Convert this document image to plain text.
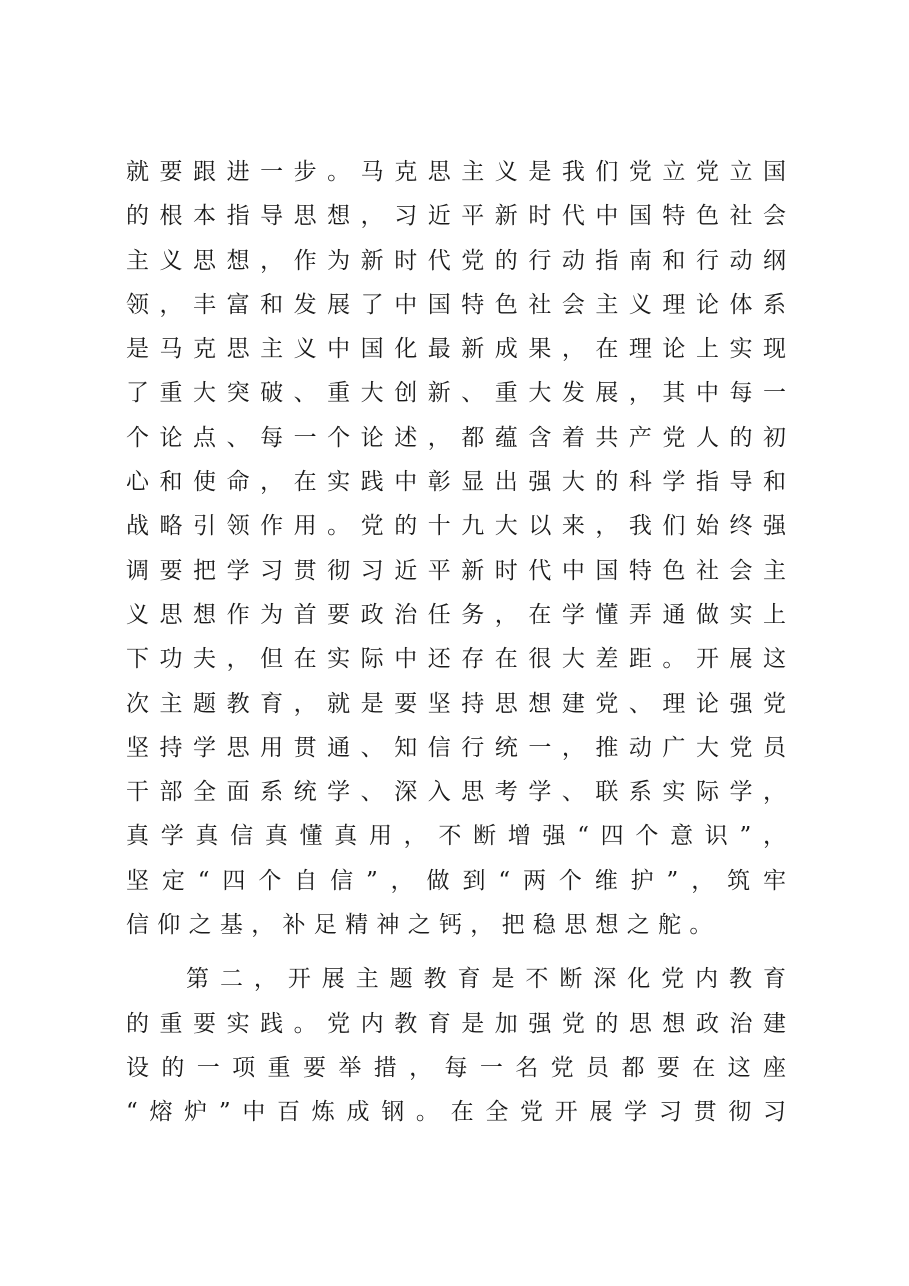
就要跟进一步。马克思主义是我们党立党立国
的根本指导思想，习近平新时代中国特色社会
主义思想，作为新时代党的行动指南和行动纲
领，丰富和发展了中国特色社会主义理论体系
是马克思主义中国化最新成果，在理论上实现
了重大突破、重大创新、重大发展，其中每一
个论点、每一个论述，都蕴含着共产党人的初
心和使命，在实践中彰显出强大的科学指导和
战略引领作用。党的十九大以来，我们始终强
调要把学习贯彻习近平新时代中国特色社会主
义思想作为首要政治任务，在学懂弄通做实上
下功夫，但在实际中还存在很大差距。开展这
次主题教育，就是要坚持思想建党、理论强党
坚持学思用贯通、知信行统一，推动广大党员
干部全面系统学、深入思考学、联系实际学，
真学真信真懂真用，不断增强“四个意识”，
坚定“四个自信”，做到“两个维护”，筑牢
信仰之基，补足精神之钙，把稳思想之舵。
第二，开展主题教育是不断深化党内教育
的重要实践。党内教育是加强党的思想政治建
设的一项重要举措，每一名党员都要在这座
“熔炉”中百炼成钢。在全党开展学习贯彻习
